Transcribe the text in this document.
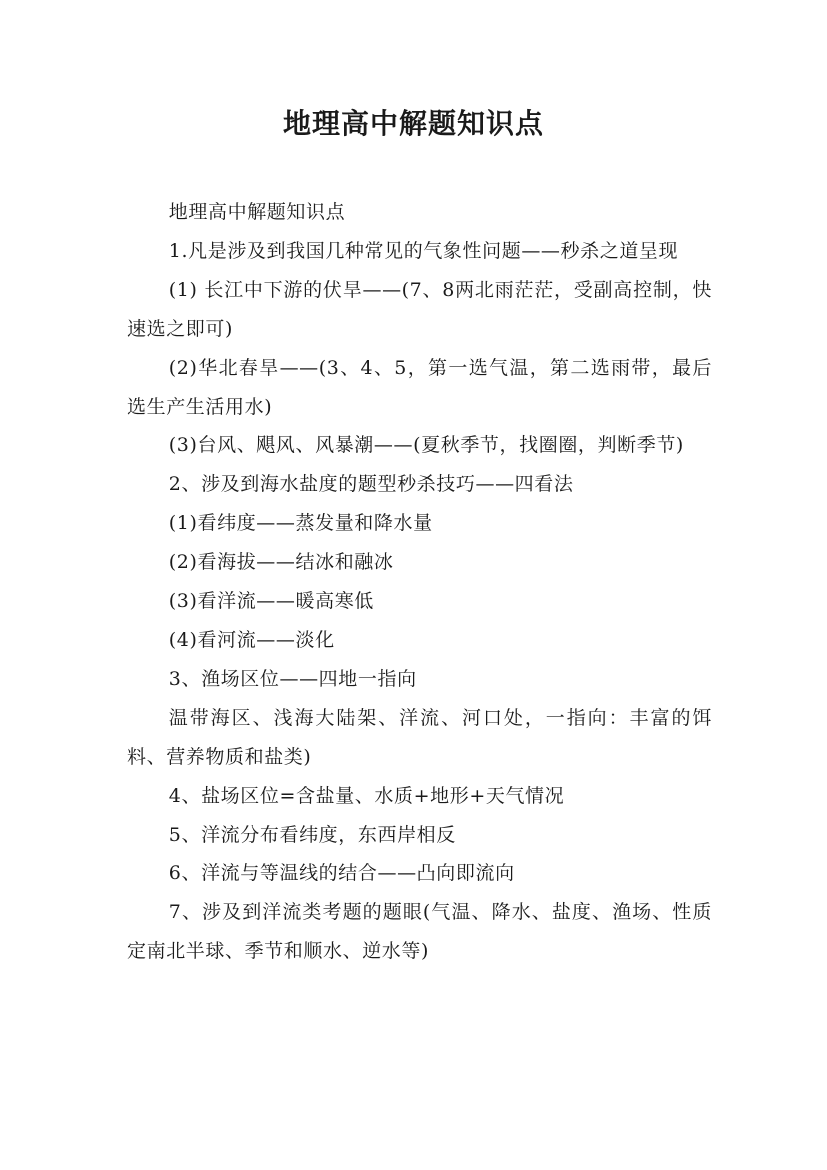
地理高中解题知识点

地理高中解题知识点

1.凡是涉及到我国几种常见的气象性问题——秒杀之道呈现

(1) 长江中下游的伏旱——(7、8两北雨茫茫，受副高控制，快速选之即可)

(2)华北春旱——(3、4、5，第一选气温，第二选雨带，最后选生产生活用水)

(3)台风、飓风、风暴潮——(夏秋季节，找圈圈，判断季节)

2、涉及到海水盐度的题型秒杀技巧——四看法

(1)看纬度——蒸发量和降水量

(2)看海拔——结冰和融冰

(3)看洋流——暖高寒低

(4)看河流——淡化

3、渔场区位——四地一指向

温带海区、浅海大陆架、洋流、河口处，一指向：丰富的饵料、营养物质和盐类)

4、盐场区位=含盐量、水质+地形+天气情况

5、洋流分布看纬度，东西岸相反

6、洋流与等温线的结合——凸向即流向

7、涉及到洋流类考题的题眼(气温、降水、盐度、渔场、性质定南北半球、季节和顺水、逆水等)
